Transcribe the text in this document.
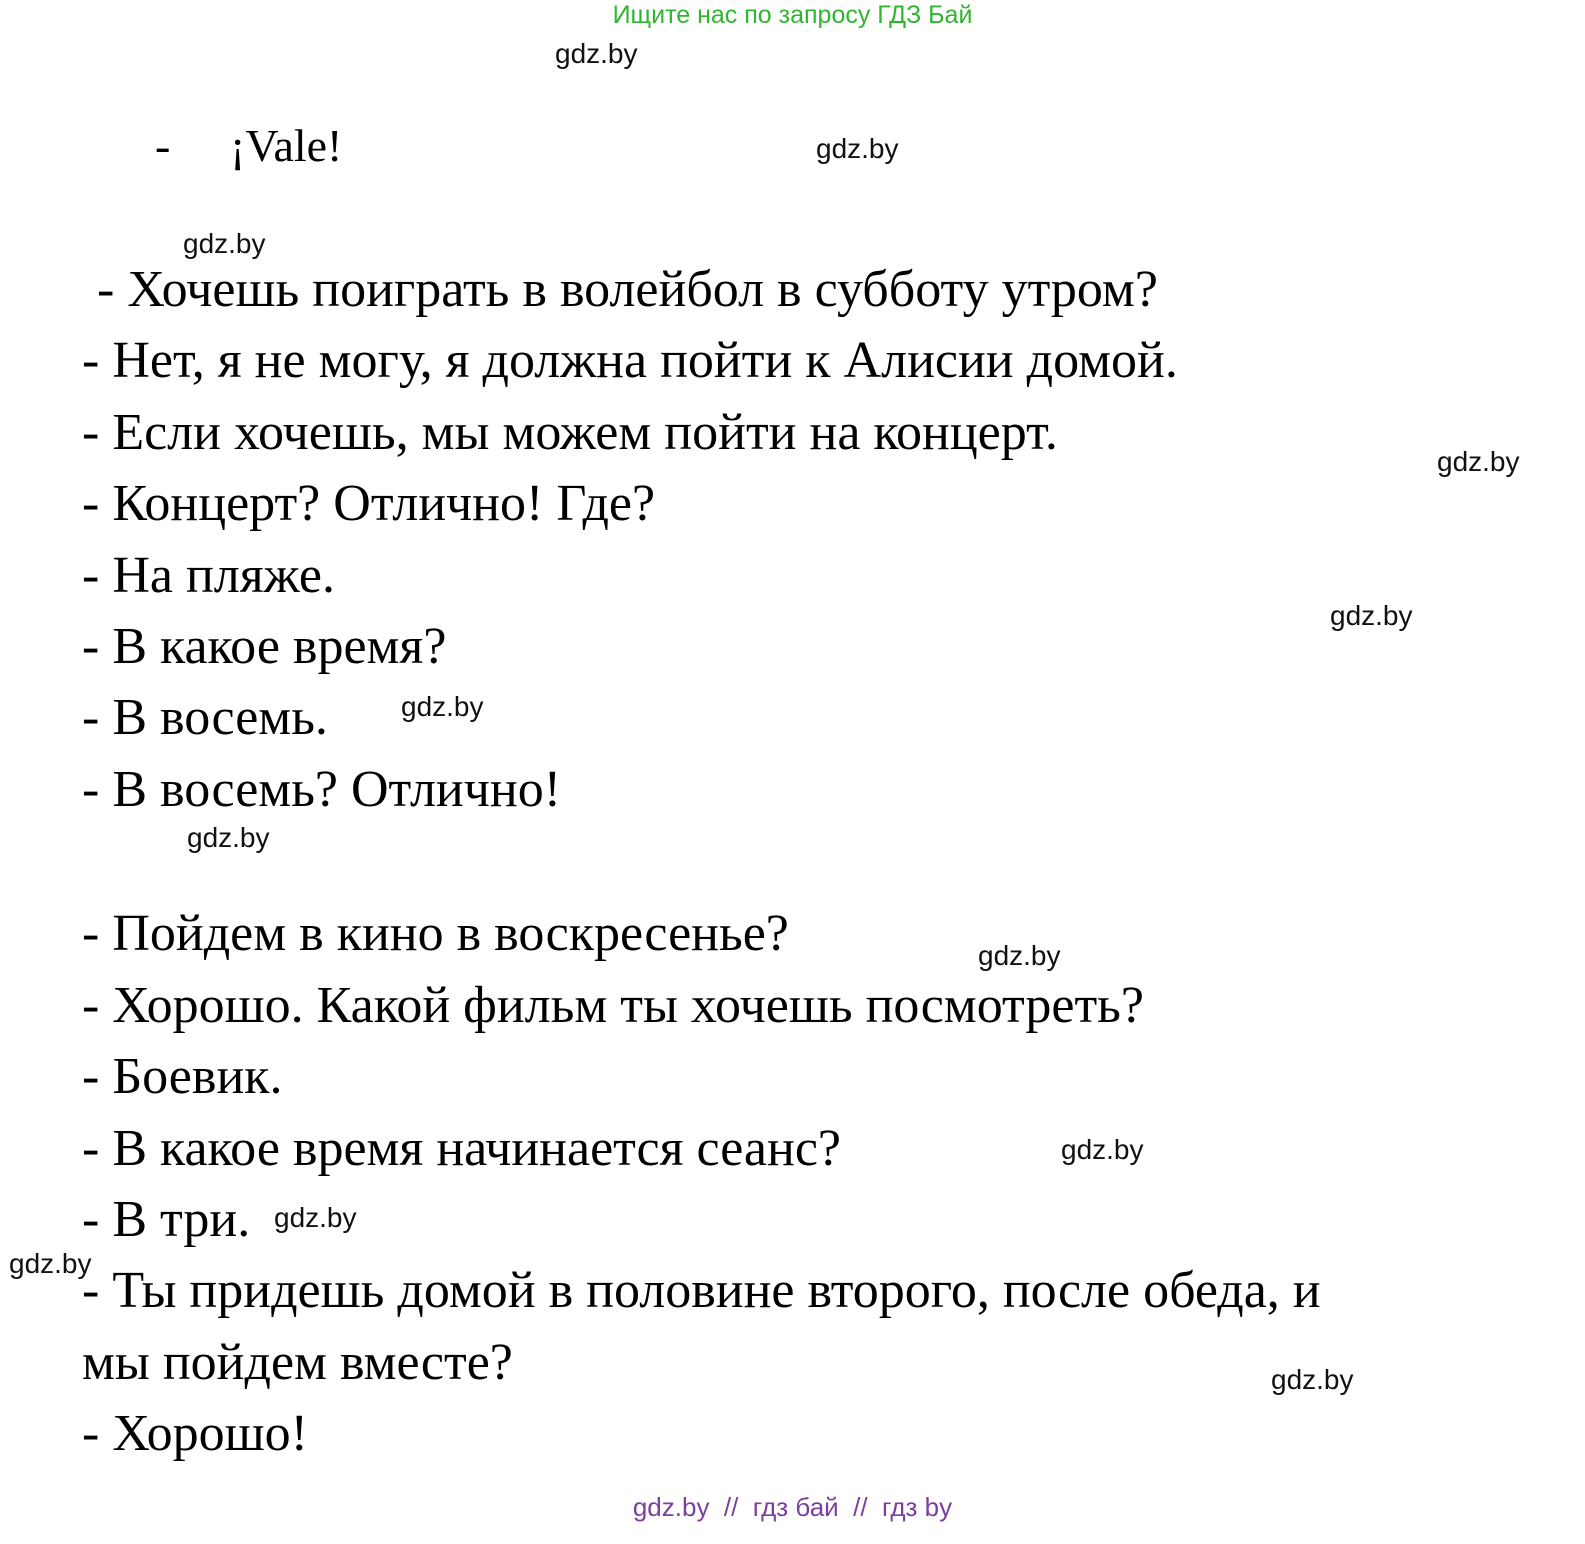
Ищите нас по запросу ГДЗ Бай
gdz.by
gdz.by
gdz.by
gdz.by
gdz.by
gdz.by
gdz.by
gdz.by
gdz.by
gdz.by
gdz.by
gdz.by
- ¡Vale!
- Хочешь поиграть в волейбол в субботу утром?
- Нет, я не могу, я должна пойти к Алисии домой.
- Если хочешь, мы можем пойти на концерт.
- Концерт? Отлично! Где?
- На пляже.
- В какое время?
- В восемь.
- В восемь? Отлично!
- Пойдем в кино в воскресенье?
- Хорошо. Какой фильм ты хочешь посмотреть?
- Боевик.
- В какое время начинается сеанс?
- В три.
- Ты придешь домой в половине второго, после обеда, и
мы пойдем вместе?
- Хорошо!
gdz.by  //  гдз бай  //  гдз by
